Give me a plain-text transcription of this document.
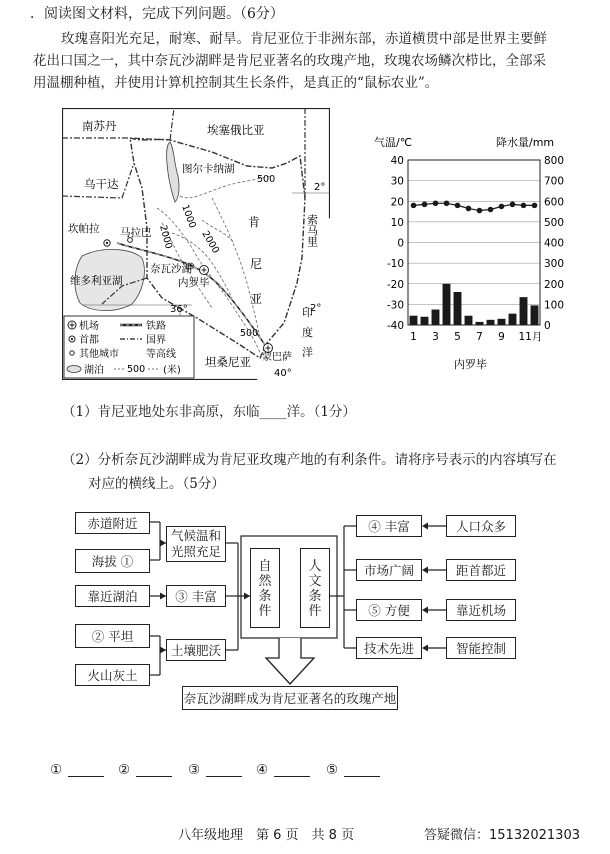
．阅读图文材料，完成下列问题。（6分）
玫瑰喜阳光充足，耐寒、耐旱。肯尼亚位于非洲东部，赤道横贯中部是世界主要鲜
花出口国之一，其中奈瓦沙湖畔是肯尼亚著名的玫瑰产地，玫瑰农场鳞次栉比，全部采
用温棚种植，并使用计算机控制其生长条件，是真正的“鼠标农业”。
南苏丹	埃塞俄比亚
乌干达
肯
尼
亚
索马里
坦桑尼亚
坎帕拉 马拉巴
维多利亚湖
印
度
洋
图尔卡纳湖
奈瓦沙湖
内罗毕
蒙巴萨
500
1000
2000	2000
500
2°
2°
36°
40°
机场	铁路
首都	国界
其他城市	等高线
湖泊 500 (米)
气温/℃	降水量/mm
40	800
30	700
20	600
10	500
0	400
-10	300
-20	200
-30	100
-40	0
1 3 5 7 9 11月
内罗毕
（1）肯尼亚地处东非高原，东临____洋。（1分）
（2）分析奈瓦沙湖畔成为肯尼亚玫瑰产地的有利条件。请将序号表示的内容填写在
对应的横线上。（5分）
赤道附近
海拔 ①
靠近湖泊
② 平坦
火山灰土
气候温和
光照充足
③ 丰富
土壤肥沃
自
然
条
件
人
文
条
件
④ 丰富
市场广阔
⑤ 方便
技术先进
人口众多
距首都近
靠近机场
智能控制
奈瓦沙湖畔成为肯尼亚著名的玫瑰产地
①	②	③	④	⑤
八年级地理　第 6 页　共 8 页	答疑微信：15132021303
